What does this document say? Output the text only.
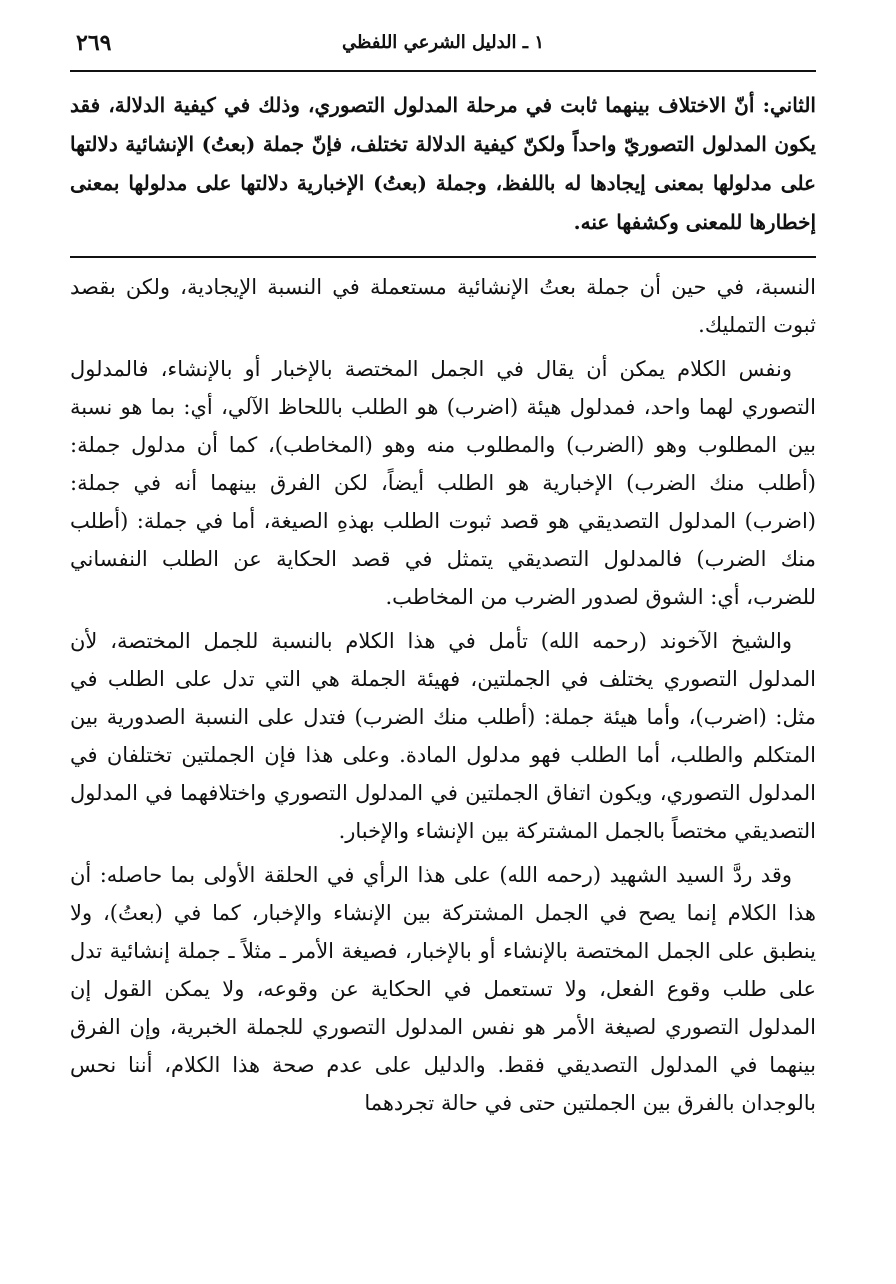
١ ـ الدليل الشرعي اللفظي
٢٦٩
الثاني: أنّ الاختلاف بينهما ثابت في مرحلة المدلول التصوري، وذلك في كيفية الدلالة، فقد يكون المدلول التصوريّ واحداً ولكنّ كيفية الدلالة تختلف، فإنّ جملة (بعتُ) الإنشائية دلالتها على مدلولها بمعنى إيجادها له باللفظ، وجملة (بعتُ) الإخبارية دلالتها على مدلولها بمعنى إخطارها للمعنى وكشفها عنه.

النسبة، في حين أن جملة بعتُ الإنشائية مستعملة في النسبة الإيجادية، ولكن بقصد ثبوت التمليك.

ونفس الكلام يمكن أن يقال في الجمل المختصة بالإخبار أو بالإنشاء، فالمدلول التصوري لهما واحد، فمدلول هيئة (اضرب) هو الطلب باللحاظ الآلي، أي: بما هو نسبة بين المطلوب وهو (الضرب) والمطلوب منه وهو (المخاطب)، كما أن مدلول جملة: (أطلب منك الضرب) الإخبارية هو الطلب أيضاً، لكن الفرق بينهما أنه في جملة: (اضرب) المدلول التصديقي هو قصد ثبوت الطلب بهذهِ الصيغة، أما في جملة: (أطلب منك الضرب) فالمدلول التصديقي يتمثل في قصد الحكاية عن الطلب النفساني للضرب، أي: الشوق لصدور الضرب من المخاطب.

والشيخ الآخوند (رحمه الله) تأمل في هذا الكلام بالنسبة للجمل المختصة، لأن المدلول التصوري يختلف في الجملتين، فهيئة الجملة هي التي تدل على الطلب في مثل: (اضرب)، وأما هيئة جملة: (أطلب منك الضرب) فتدل على النسبة الصدورية بين المتكلم والطلب، أما الطلب فهو مدلول المادة. وعلى هذا فإن الجملتين تختلفان في المدلول التصوري، ويكون اتفاق الجملتين في المدلول التصوري واختلافهما في المدلول التصديقي مختصاً بالجمل المشتركة بين الإنشاء والإخبار.

وقد ردَّ السيد الشهيد (رحمه الله) على هذا الرأي في الحلقة الأولى بما حاصله: أن هذا الكلام إنما يصح في الجمل المشتركة بين الإنشاء والإخبار، كما في (بعتُ)، ولا ينطبق على الجمل المختصة بالإنشاء أو بالإخبار، فصيغة الأمر ـ مثلاً ـ جملة إنشائية تدل على طلب وقوع الفعل، ولا تستعمل في الحكاية عن وقوعه، ولا يمكن القول إن المدلول التصوري لصيغة الأمر هو نفس المدلول التصوري للجملة الخبرية، وإن الفرق بينهما في المدلول التصديقي فقط. والدليل على عدم صحة هذا الكلام، أننا نحس بالوجدان بالفرق بين الجملتين حتى في حالة تجردهما
